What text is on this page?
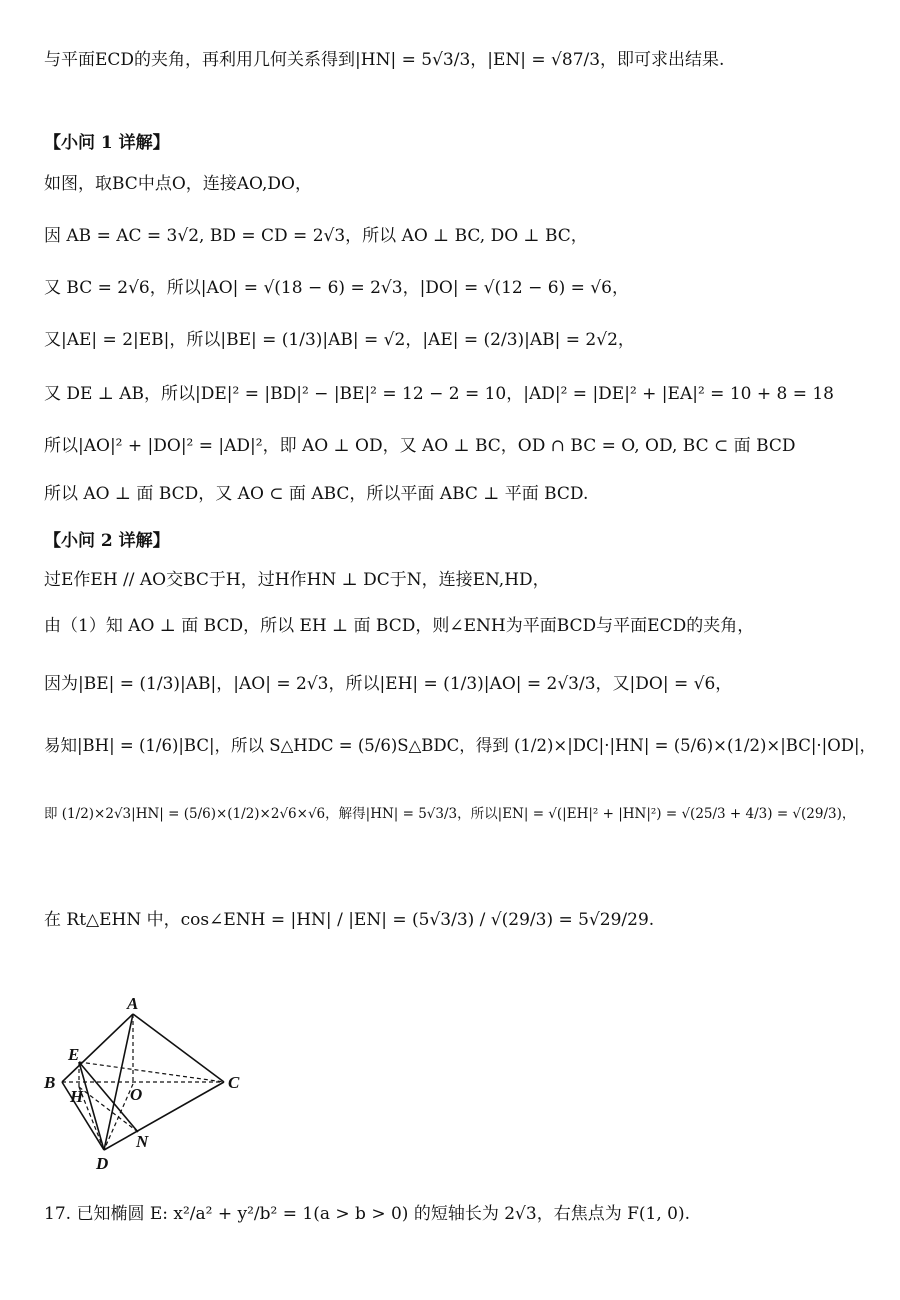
与平面ECD的夹角，再利用几何关系得到|HN| = 5√3/3，|EN| = √87/3，即可求出结果.
【小问 1 详解】
如图，取BC中点O，连接AO,DO，
因 AB = AC = 3√2, BD = CD = 2√3，所以 AO ⊥ BC, DO ⊥ BC，
又 BC = 2√6，所以|AO| = √(18 − 6) = 2√3，|DO| = √(12 − 6) = √6，
又|AE| = 2|EB|，所以|BE| = (1/3)|AB| = √2，|AE| = (2/3)|AB| = 2√2，
又 DE ⊥ AB，所以|DE|² = |BD|² − |BE|² = 12 − 2 = 10，|AD|² = |DE|² + |EA|² = 10 + 8 = 18
所以|AO|² + |DO|² = |AD|²，即 AO ⊥ OD，又 AO ⊥ BC，OD ∩ BC = O, OD, BC ⊂ 面 BCD
所以 AO ⊥ 面 BCD，又 AO ⊂ 面 ABC，所以平面 ABC ⊥ 平面 BCD.
【小问 2 详解】
过E作EH // AO交BC于H，过H作HN ⊥ DC于N，连接EN,HD，
由（1）知 AO ⊥ 面 BCD，所以 EH ⊥ 面 BCD，则∠ENH为平面BCD与平面ECD的夹角，
因为|BE| = (1/3)|AB|，|AO| = 2√3，所以|EH| = (1/3)|AO| = 2√3/3，又|DO| = √6，
易知|BH| = (1/6)|BC|，所以 S△HDC = (5/6)S△BDC，得到 (1/2)×|DC|·|HN| = (5/6)×(1/2)×|BC|·|OD|，
即 (1/2)×2√3|HN| = (5/6)×(1/2)×2√6×√6，解得|HN| = 5√3/3，所以|EN| = √(|EH|² + |HN|²) = √(25/3 + 4/3) = √(29/3)，
在 Rt△EHN 中，cos∠ENH = |HN| / |EN| = (5√3/3) / √(29/3) = 5√29/29.
17. 已知椭圆 E: x²/a² + y²/b² = 1(a > b > 0) 的短轴长为 2√3，右焦点为 F(1, 0).
A
B	C
D
E
H	O
N
